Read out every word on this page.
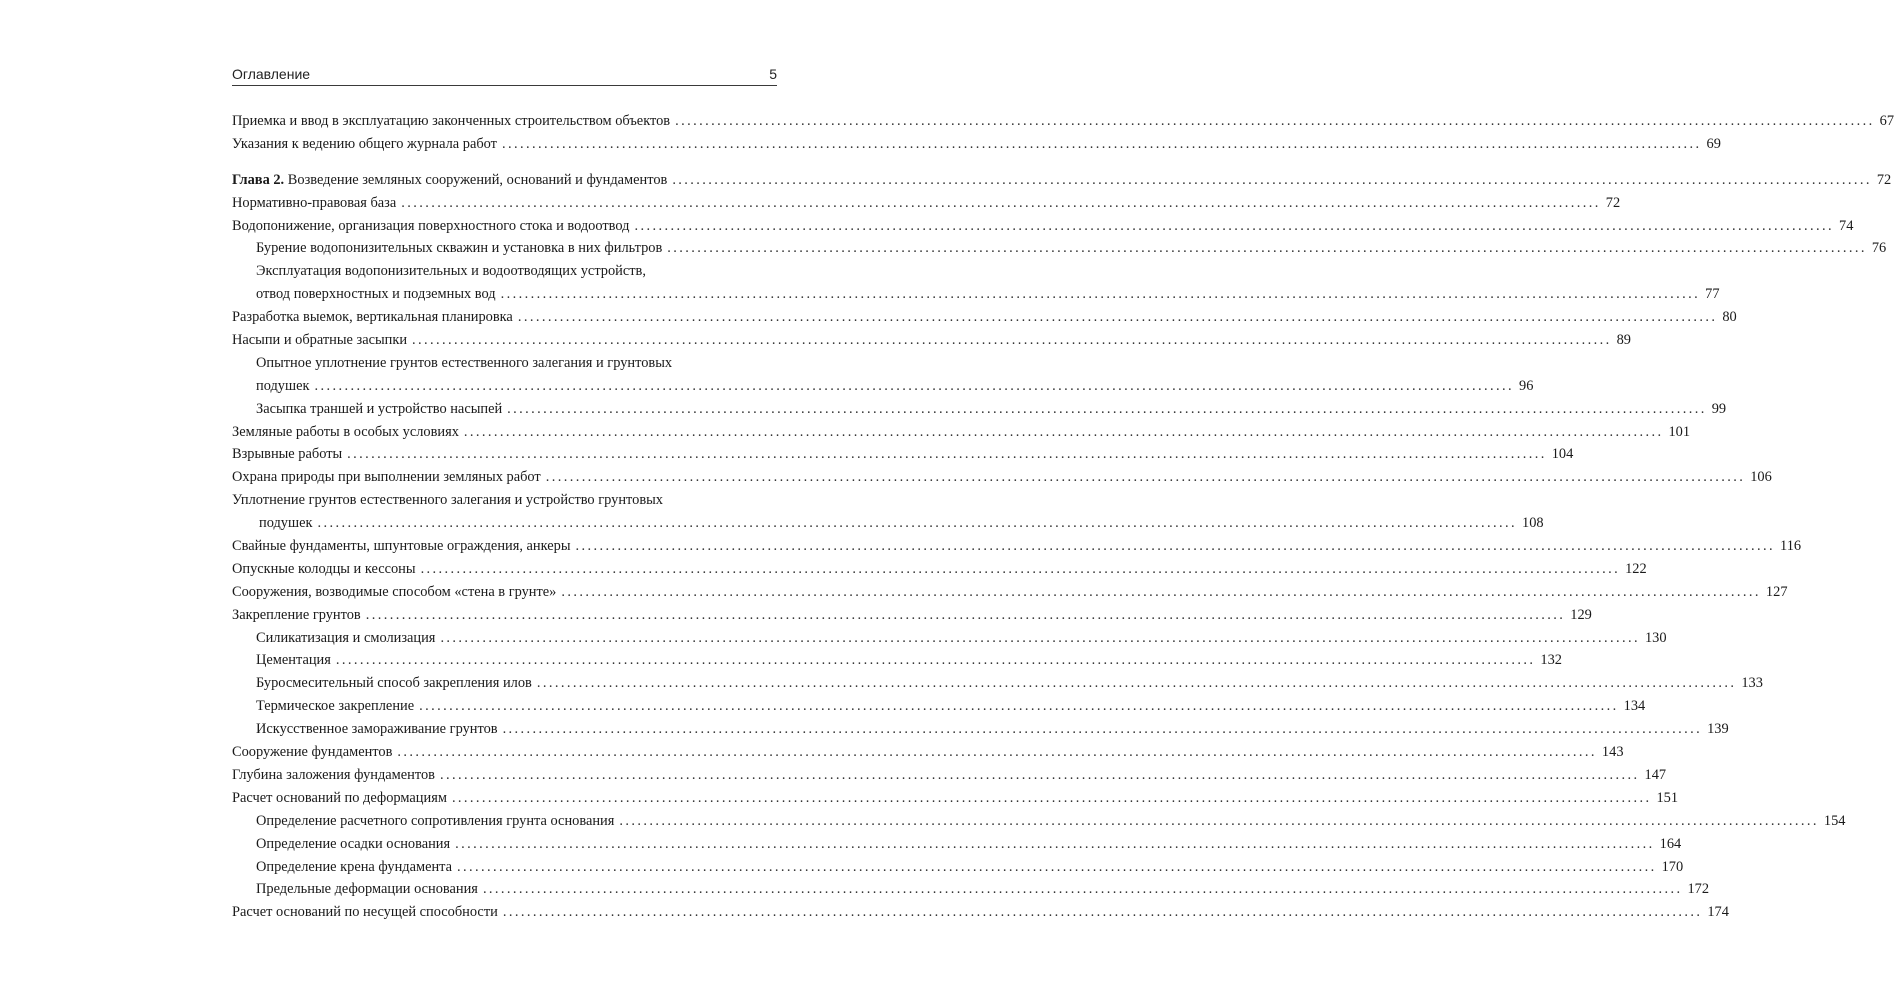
Оглавление	5
Приемка и ввод в эксплуатацию законченных строительством объектов ........................................................................................................................................................................................................ 67
Указания к ведению общего журнала работ ........................................................................................................................................................................................................ 69
Глава 2. Возведение земляных сооружений, оснований и фундаментов ........................................................................................................................................................................................................ 72
Нормативно-правовая база ........................................................................................................................................................................................................ 72
Водопонижение, организация поверхностного стока и водоотвод ........................................................................................................................................................................................................ 74
Бурение водопонизительных скважин и установка в них фильтров ........................................................................................................................................................................................................ 76
Эксплуатация водопонизительных и водоотводящих устройств,
отвод поверхностных и подземных вод ........................................................................................................................................................................................................ 77
Разработка выемок, вертикальная планировка ........................................................................................................................................................................................................ 80
Насыпи и обратные засыпки ........................................................................................................................................................................................................ 89
Опытное уплотнение грунтов естественного залегания и грунтовых
подушек ........................................................................................................................................................................................................ 96
Засыпка траншей и устройство насыпей ........................................................................................................................................................................................................ 99
Земляные работы в особых условиях ........................................................................................................................................................................................................ 101
Взрывные работы ........................................................................................................................................................................................................ 104
Охрана природы при выполнении земляных работ ........................................................................................................................................................................................................ 106
Уплотнение грунтов естественного залегания и устройство грунтовых
подушек ........................................................................................................................................................................................................ 108
Свайные фундаменты, шпунтовые ограждения, анкеры ........................................................................................................................................................................................................ 116
Опускные колодцы и кессоны ........................................................................................................................................................................................................ 122
Сооружения, возводимые способом «стена в грунте» ........................................................................................................................................................................................................ 127
Закрепление грунтов ........................................................................................................................................................................................................ 129
Силикатизация и смолизация ........................................................................................................................................................................................................ 130
Цементация ........................................................................................................................................................................................................ 132
Буросмесительный способ закрепления илов ........................................................................................................................................................................................................ 133
Термическое закрепление ........................................................................................................................................................................................................ 134
Искусственное замораживание грунтов ........................................................................................................................................................................................................ 139
Сооружение фундаментов ........................................................................................................................................................................................................ 143
Глубина заложения фундаментов ........................................................................................................................................................................................................ 147
Расчет оснований по деформациям ........................................................................................................................................................................................................ 151
Определение расчетного сопротивления грунта основания ........................................................................................................................................................................................................ 154
Определение осадки основания ........................................................................................................................................................................................................ 164
Определение крена фундамента ........................................................................................................................................................................................................ 170
Предельные деформации основания ........................................................................................................................................................................................................ 172
Расчет оснований по несущей способности ........................................................................................................................................................................................................ 174
